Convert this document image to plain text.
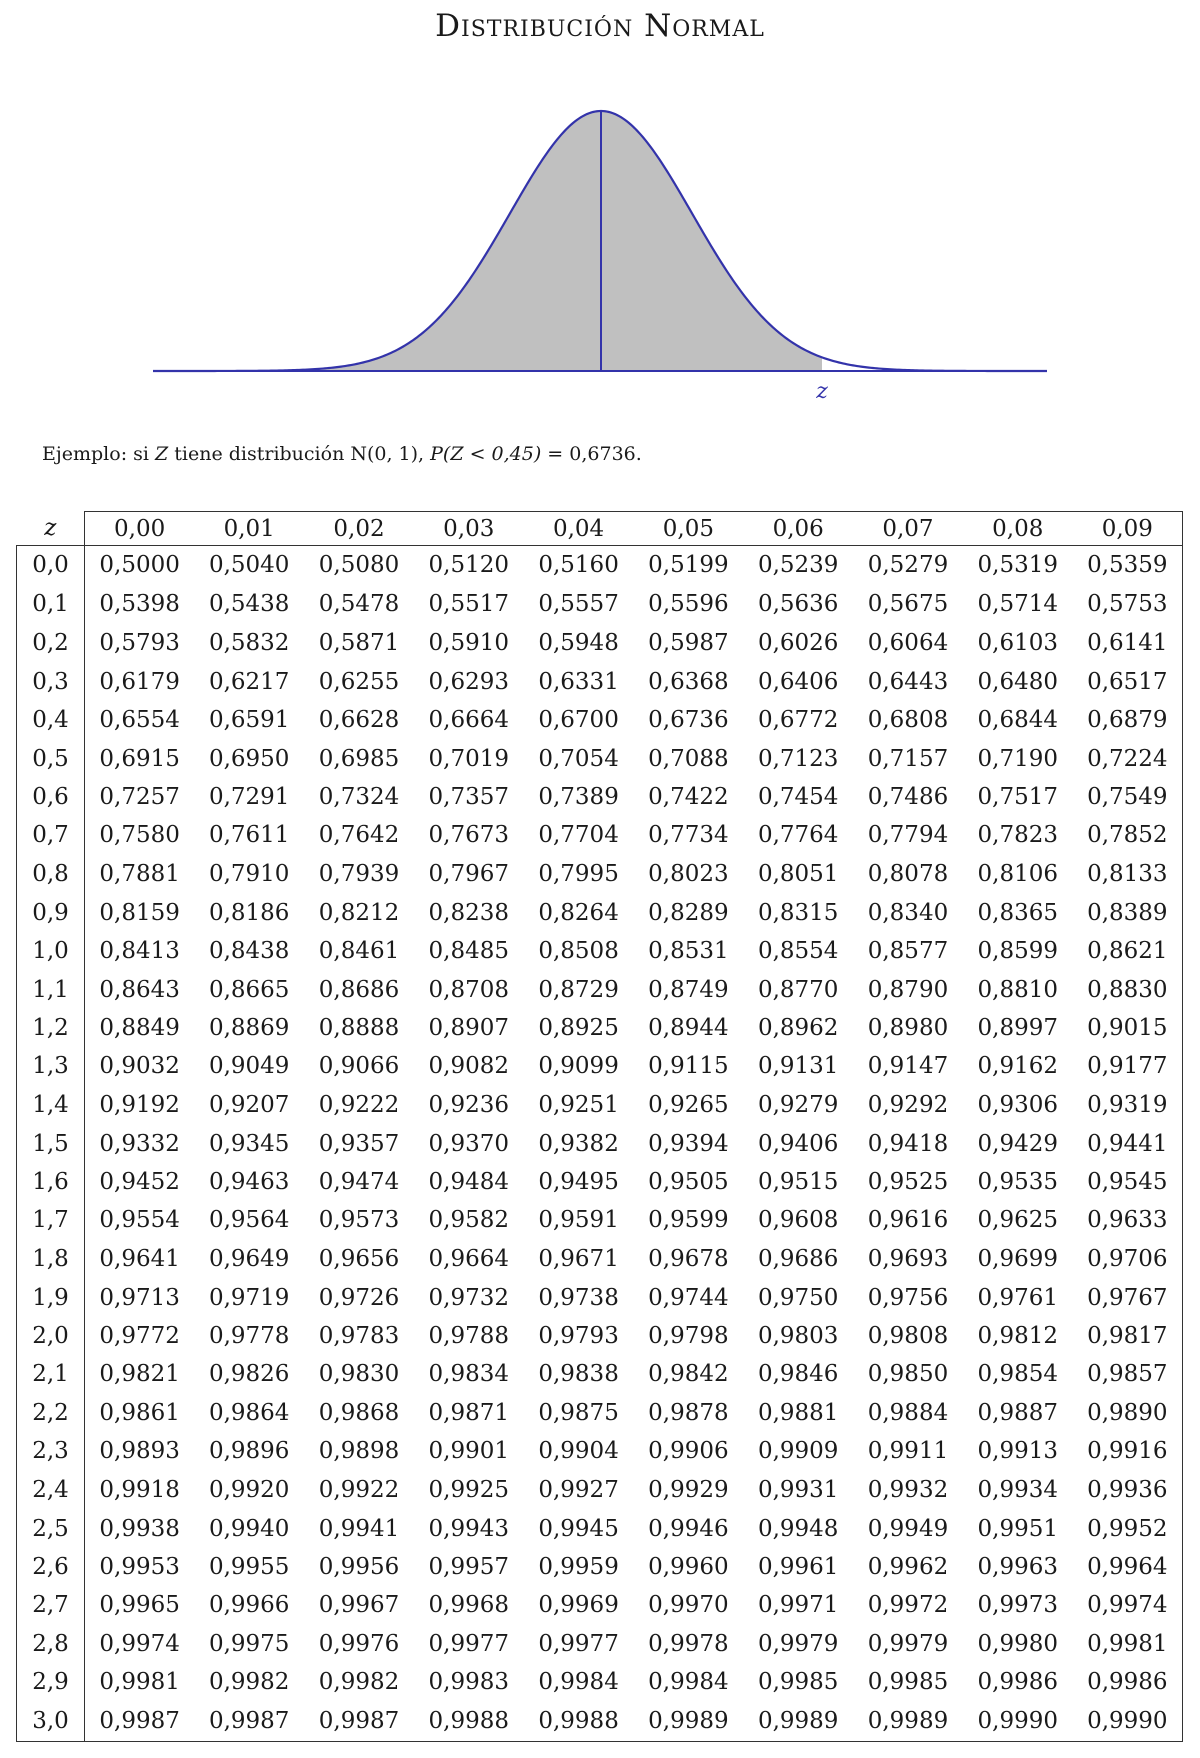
Distribución Normal
z
Ejemplo: si Z tiene distribución N(0, 1), P(Z < 0,45) = 0,6736.
z	0,00	0,01	0,02	0,03	0,04	0,05	0,06	0,07	0,08	0,09
0,0	0,5000	0,5040	0,5080	0,5120	0,5160	0,5199	0,5239	0,5279	0,5319	0,5359
0,1	0,5398	0,5438	0,5478	0,5517	0,5557	0,5596	0,5636	0,5675	0,5714	0,5753
0,2	0,5793	0,5832	0,5871	0,5910	0,5948	0,5987	0,6026	0,6064	0,6103	0,6141
0,3	0,6179	0,6217	0,6255	0,6293	0,6331	0,6368	0,6406	0,6443	0,6480	0,6517
0,4	0,6554	0,6591	0,6628	0,6664	0,6700	0,6736	0,6772	0,6808	0,6844	0,6879
0,5	0,6915	0,6950	0,6985	0,7019	0,7054	0,7088	0,7123	0,7157	0,7190	0,7224
0,6	0,7257	0,7291	0,7324	0,7357	0,7389	0,7422	0,7454	0,7486	0,7517	0,7549
0,7	0,7580	0,7611	0,7642	0,7673	0,7704	0,7734	0,7764	0,7794	0,7823	0,7852
0,8	0,7881	0,7910	0,7939	0,7967	0,7995	0,8023	0,8051	0,8078	0,8106	0,8133
0,9	0,8159	0,8186	0,8212	0,8238	0,8264	0,8289	0,8315	0,8340	0,8365	0,8389
1,0	0,8413	0,8438	0,8461	0,8485	0,8508	0,8531	0,8554	0,8577	0,8599	0,8621
1,1	0,8643	0,8665	0,8686	0,8708	0,8729	0,8749	0,8770	0,8790	0,8810	0,8830
1,2	0,8849	0,8869	0,8888	0,8907	0,8925	0,8944	0,8962	0,8980	0,8997	0,9015
1,3	0,9032	0,9049	0,9066	0,9082	0,9099	0,9115	0,9131	0,9147	0,9162	0,9177
1,4	0,9192	0,9207	0,9222	0,9236	0,9251	0,9265	0,9279	0,9292	0,9306	0,9319
1,5	0,9332	0,9345	0,9357	0,9370	0,9382	0,9394	0,9406	0,9418	0,9429	0,9441
1,6	0,9452	0,9463	0,9474	0,9484	0,9495	0,9505	0,9515	0,9525	0,9535	0,9545
1,7	0,9554	0,9564	0,9573	0,9582	0,9591	0,9599	0,9608	0,9616	0,9625	0,9633
1,8	0,9641	0,9649	0,9656	0,9664	0,9671	0,9678	0,9686	0,9693	0,9699	0,9706
1,9	0,9713	0,9719	0,9726	0,9732	0,9738	0,9744	0,9750	0,9756	0,9761	0,9767
2,0	0,9772	0,9778	0,9783	0,9788	0,9793	0,9798	0,9803	0,9808	0,9812	0,9817
2,1	0,9821	0,9826	0,9830	0,9834	0,9838	0,9842	0,9846	0,9850	0,9854	0,9857
2,2	0,9861	0,9864	0,9868	0,9871	0,9875	0,9878	0,9881	0,9884	0,9887	0,9890
2,3	0,9893	0,9896	0,9898	0,9901	0,9904	0,9906	0,9909	0,9911	0,9913	0,9916
2,4	0,9918	0,9920	0,9922	0,9925	0,9927	0,9929	0,9931	0,9932	0,9934	0,9936
2,5	0,9938	0,9940	0,9941	0,9943	0,9945	0,9946	0,9948	0,9949	0,9951	0,9952
2,6	0,9953	0,9955	0,9956	0,9957	0,9959	0,9960	0,9961	0,9962	0,9963	0,9964
2,7	0,9965	0,9966	0,9967	0,9968	0,9969	0,9970	0,9971	0,9972	0,9973	0,9974
2,8	0,9974	0,9975	0,9976	0,9977	0,9977	0,9978	0,9979	0,9979	0,9980	0,9981
2,9	0,9981	0,9982	0,9982	0,9983	0,9984	0,9984	0,9985	0,9985	0,9986	0,9986
3,0	0,9987	0,9987	0,9987	0,9988	0,9988	0,9989	0,9989	0,9989	0,9990	0,9990
